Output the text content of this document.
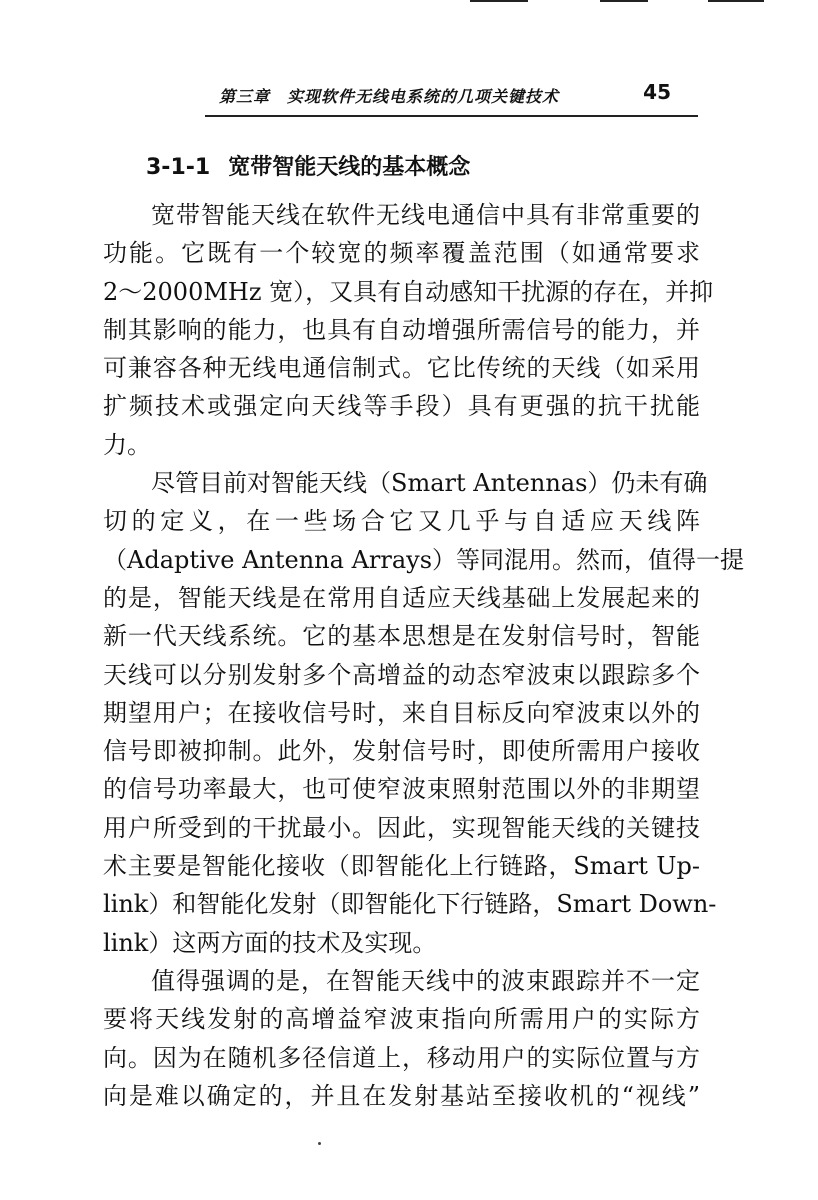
第三章　实现软件无线电系统的几项关键技术	45
3-1-1 宽带智能天线的基本概念
宽带智能天线在软件无线电通信中具有非常重要的
功能。它既有一个较宽的频率覆盖范围（如通常要求
2～2000MHz 宽），又具有自动感知干扰源的存在，并抑
制其影响的能力，也具有自动增强所需信号的能力，并
可兼容各种无线电通信制式。它比传统的天线（如采用
扩频技术或强定向天线等手段）具有更强的抗干扰能
力。
尽管目前对智能天线（Smart Antennas）仍未有确
切的定义，在一些场合它又几乎与自适应天线阵
（Adaptive Antenna Arrays）等同混用。然而，值得一提
的是，智能天线是在常用自适应天线基础上发展起来的
新一代天线系统。它的基本思想是在发射信号时，智能
天线可以分别发射多个高增益的动态窄波束以跟踪多个
期望用户；在接收信号时，来自目标反向窄波束以外的
信号即被抑制。此外，发射信号时，即使所需用户接收
的信号功率最大，也可使窄波束照射范围以外的非期望
用户所受到的干扰最小。因此，实现智能天线的关键技
术主要是智能化接收（即智能化上行链路，Smart Up-
link）和智能化发射（即智能化下行链路，Smart Down-
link）这两方面的技术及实现。
值得强调的是，在智能天线中的波束跟踪并不一定
要将天线发射的高增益窄波束指向所需用户的实际方
向。因为在随机多径信道上，移动用户的实际位置与方
向是难以确定的，并且在发射基站至接收机的“视线”
